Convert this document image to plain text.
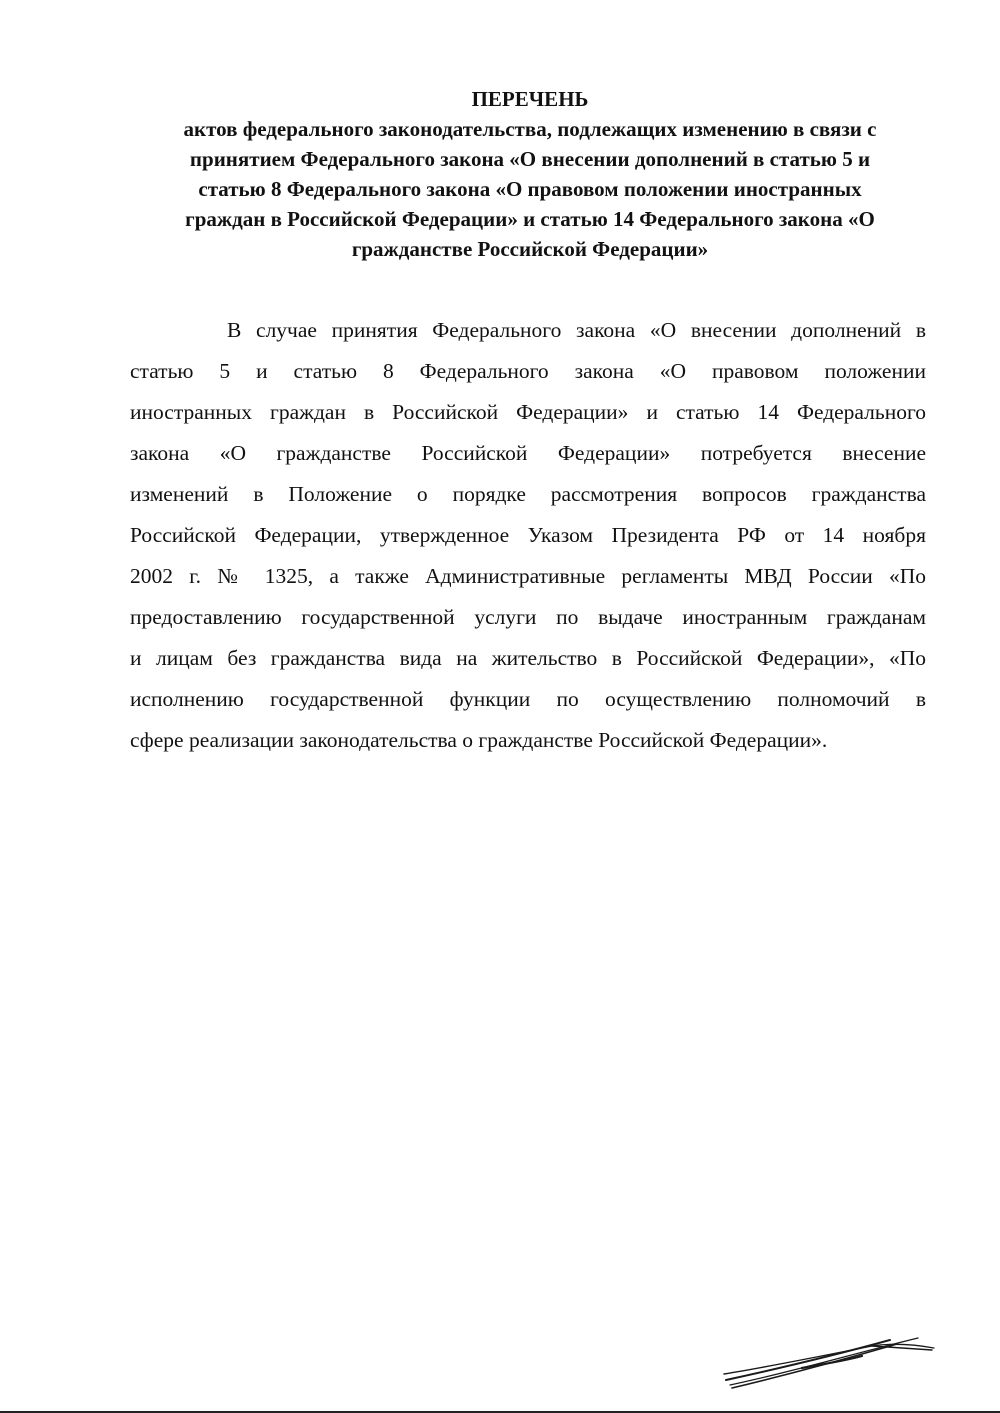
ПЕРЕЧЕНЬ
актов федерального законодательства, подлежащих изменению в связи с
принятием Федерального закона «О внесении дополнений в статью 5 и
статью 8 Федерального закона «О правовом положении иностранных
граждан в Российской Федерации» и статью 14 Федерального закона «О
гражданстве Российской Федерации»
В случае принятия Федерального закона «О внесении дополнений в
статью 5 и статью 8 Федерального закона «О правовом положении
иностранных граждан в Российской Федерации» и статью 14 Федерального
закона «О гражданстве Российской Федерации» потребуется внесение
изменений в Положение о порядке рассмотрения вопросов гражданства
Российской Федерации, утвержденное Указом Президента РФ от 14 ноября
2002 г. № 1325, а также Административные регламенты МВД России «По
предоставлению государственной услуги по выдаче иностранным гражданам
и лицам без гражданства вида на жительство в Российской Федерации», «По
исполнению государственной функции по осуществлению полномочий в
сфере реализации законодательства о гражданстве Российской Федерации».
